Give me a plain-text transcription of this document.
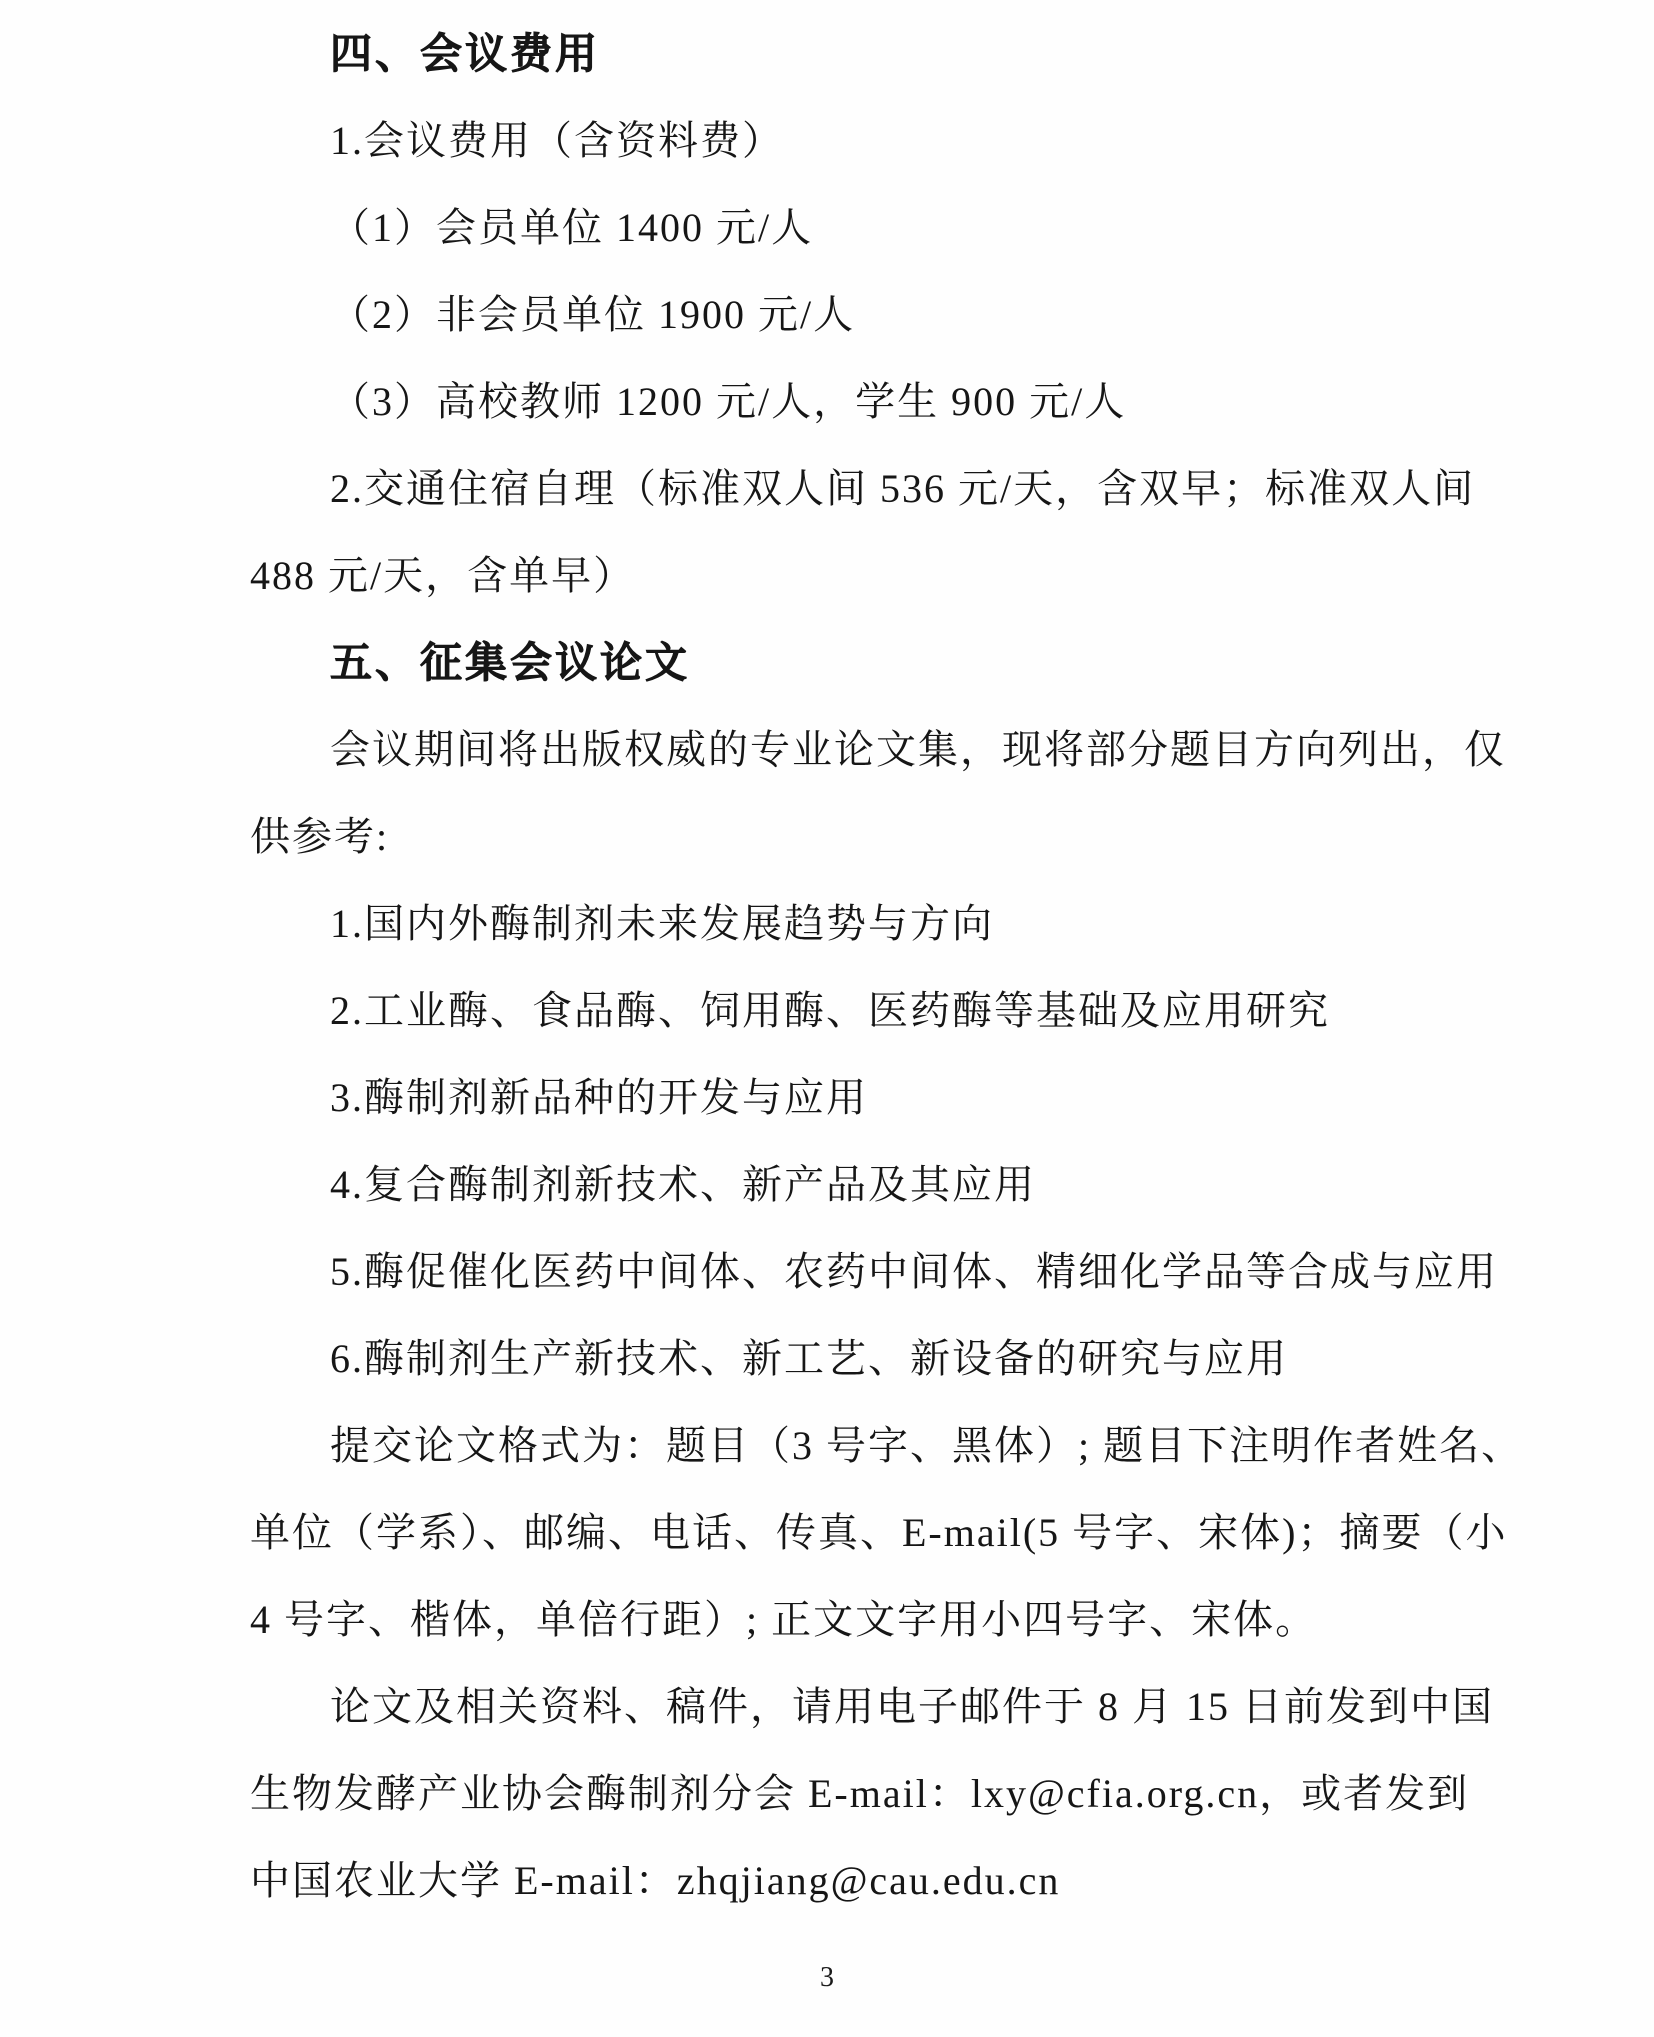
四、会议费用
1.会议费用（含资料费）
（1）会员单位 1400 元/人
（2）非会员单位 1900 元/人
（3）高校教师 1200 元/人，学生 900 元/人
2.交通住宿自理（标准双人间 536 元/天，含双早；标准双人间
488 元/天，含单早）
五、征集会议论文
会议期间将出版权威的专业论文集，现将部分题目方向列出，仅
供参考:
1.国内外酶制剂未来发展趋势与方向
2.工业酶、食品酶、饲用酶、医药酶等基础及应用研究
3.酶制剂新品种的开发与应用
4.复合酶制剂新技术、新产品及其应用
5.酶促催化医药中间体、农药中间体、精细化学品等合成与应用
6.酶制剂生产新技术、新工艺、新设备的研究与应用
提交论文格式为：题目（3 号字、黑体）; 题目下注明作者姓名、
单位（学系）、邮编、电话、传真、E-mail(5 号字、宋体)；摘要（小
4 号字、楷体，单倍行距）; 正文文字用小四号字、宋体。
论文及相关资料、稿件，请用电子邮件于 8 月 15 日前发到中国
生物发酵产业协会酶制剂分会 E-mail：lxy@cfia.org.cn，或者发到
中国农业大学 E-mail：zhqjiang@cau.edu.cn
3
